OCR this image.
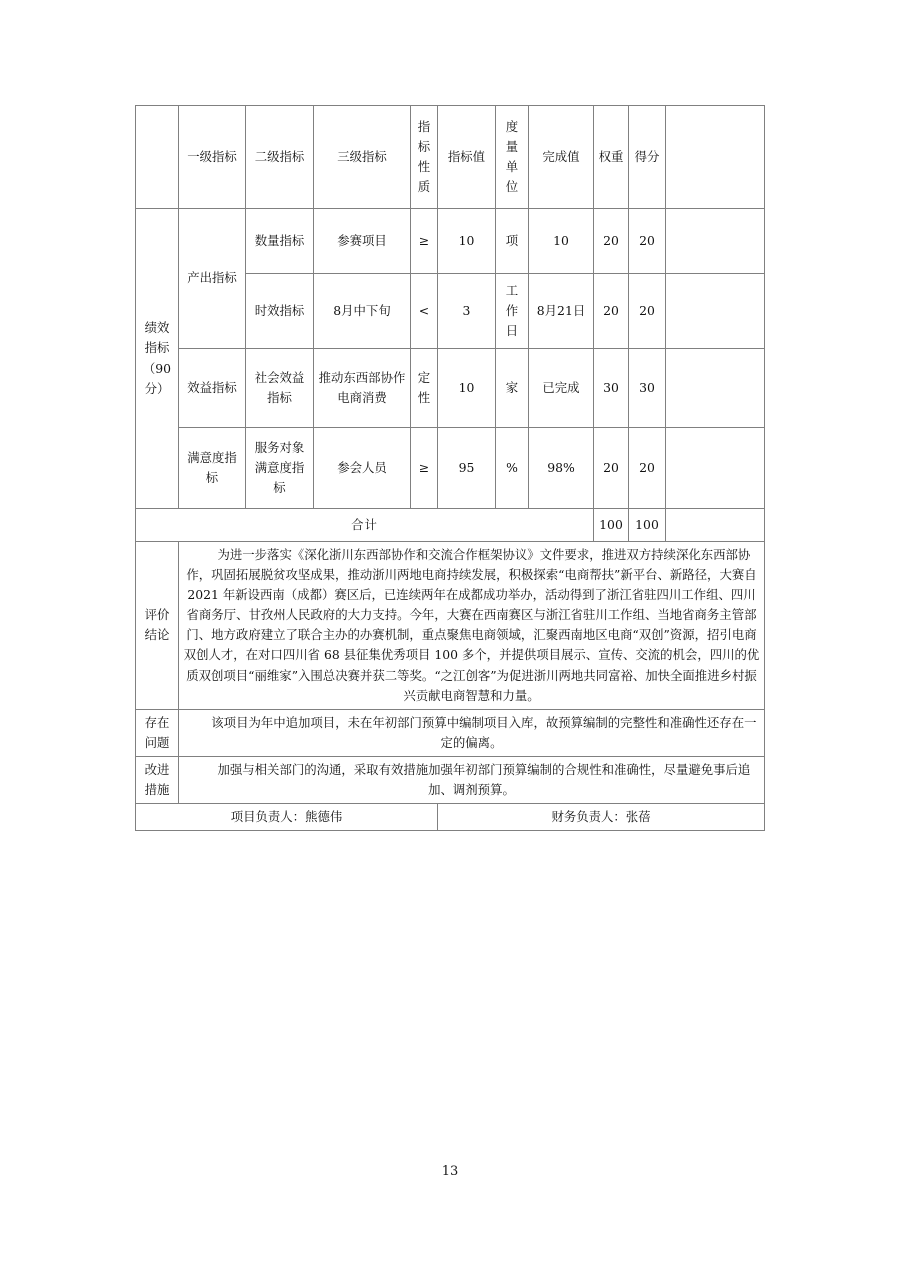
	一级指标	二级指标	三级指标	指标性质	指标值	度量单位	完成值	权重	得分	
绩效指标（90分）	产出指标	数量指标	参赛项目	≥	10	项	10	20	20	
		时效指标	8月中下旬	<	3	工作日	8月21日	20	20	
	效益指标	社会效益指标	推动东西部协作电商消费	定性	10	家	已完成	30	30	
	满意度指标	服务对象满意度指标	参会人员	≥	95	%	98%	20	20	
合计								100	100	
评价结论	为进一步落实《深化浙川东西部协作和交流合作框架协议》文件要求，推进双方持续深化东西部协作，巩固拓展脱贫攻坚成果，推动浙川两地电商持续发展，积极探索“电商帮扶”新平台、新路径，大赛自 2021 年新设西南（成都）赛区后，已连续两年在成都成功举办，活动得到了浙江省驻四川工作组、四川省商务厅、甘孜州人民政府的大力支持。今年，大赛在西南赛区与浙江省驻川工作组、当地省商务主管部门、地方政府建立了联合主办的办赛机制，重点聚焦电商领域，汇聚西南地区电商“双创”资源，招引电商双创人才，在对口四川省 68 县征集优秀项目 100 多个，并提供项目展示、宣传、交流的机会，四川的优质双创项目“丽维家”入围总决赛并获二等奖。“之江创客”为促进浙川两地共同富裕、加快全面推进乡村振兴贡献电商智慧和力量。									

存在问题	该项目为年中追加项目，未在年初部门预算中编制项目入库，故预算编制的完整性和准确性还存在一定的偏离。									

改进措施	加强与相关部门的沟通，采取有效措施加强年初部门预算编制的合规性和准确性，尽量避免事后追加、调剂预算。									

项目负责人：熊德伟					财务负责人：张蓓					
13
